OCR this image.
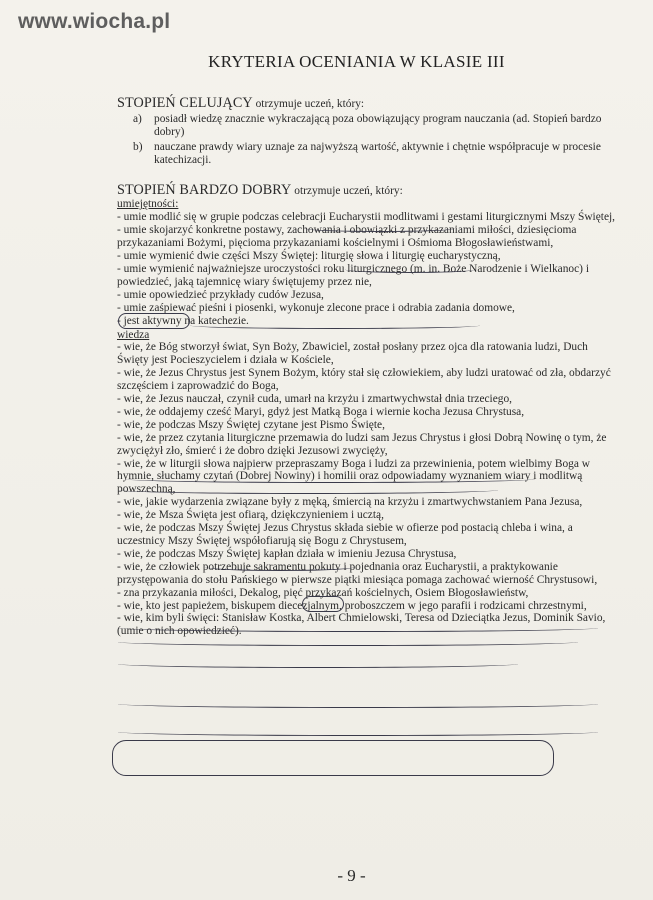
www.wiocha.pl
KRYTERIA OCENIANIA W KLASIE III
STOPIEŃ CELUJĄCY otrzymuje uczeń, który:
a)	posiadł wiedzę znacznie wykraczającą poza obowiązujący program nauczania (ad. Stopień bardzo dobry)
b)	nauczane prawdy wiary uznaje za najwyższą wartość, aktywnie i chętnie współpracuje w procesie katechizacji.
STOPIEŃ BARDZO DOBRY otrzymuje uczeń, który:
umiejętności:
- umie modlić się w grupie podczas celebracji Eucharystii modlitwami i gestami liturgicznymi Mszy Świętej,
- umie skojarzyć konkretne postawy, zachowania i obowiązki z przykazaniami miłości, dziesięcioma przykazaniami Bożymi, pięcioma przykazaniami kościelnymi i Ośmioma Błogosławieństwami,
- umie wymienić dwie części Mszy Świętej: liturgię słowa i liturgię eucharystyczną,
- umie wymienić najważniejsze uroczystości roku liturgicznego (m. in. Boże Narodzenie i Wielkanoc) i powiedzieć, jaką tajemnicę wiary świętujemy przez nie,
- umie opowiedzieć przykłady cudów Jezusa,
- umie zaśpiewać pieśni i piosenki, wykonuje zlecone prace i odrabia zadania domowe,
- jest aktywny na katechezie.
wiedza
- wie, że Bóg stworzył świat, Syn Boży, Zbawiciel, został posłany przez ojca dla ratowania ludzi, Duch Święty jest Pocieszycielem i działa w Kościele,
- wie, że Jezus Chrystus jest Synem Bożym, który stał się człowiekiem, aby ludzi uratować od zła, obdarzyć szczęściem i zaprowadzić do Boga,
- wie, że Jezus nauczał, czynił cuda, umarł na krzyżu i zmartwychwstał dnia trzeciego,
- wie, że oddajemy cześć Maryi, gdyż jest Matką Boga i wiernie kocha Jezusa Chrystusa,
- wie, że podczas Mszy Świętej czytane jest Pismo Święte,
- wie, że przez czytania liturgiczne przemawia do ludzi sam Jezus Chrystus i głosi Dobrą Nowinę o tym, że zwyciężył zło, śmierć i że dobro dzięki Jezusowi zwycięży,
- wie, że w liturgii słowa najpierw przepraszamy Boga i ludzi za przewinienia, potem wielbimy Boga w hymnie, słuchamy czytań (Dobrej Nowiny) i homilii oraz odpowiadamy wyznaniem wiary i modlitwą powszechną,
- wie, jakie wydarzenia związane były z męką, śmiercią na krzyżu i zmartwychwstaniem Pana Jezusa,
- wie, że Msza Święta jest ofiarą, dziękczynieniem i ucztą,
- wie, że podczas Mszy Świętej Jezus Chrystus składa siebie w ofierze pod postacią chleba i wina, a uczestnicy Mszy Świętej współofiarują się Bogu z Chrystusem,
- wie, że podczas Mszy Świętej kapłan działa w imieniu Jezusa Chrystusa,
- wie, że człowiek potrzebuje sakramentu pokuty i pojednania oraz Eucharystii, a praktykowanie przystępowania do stołu Pańskiego w pierwsze piątki miesiąca pomaga zachować wierność Chrystusowi,
- zna przykazania miłości, Dekalog, pięć przykazań kościelnych, Osiem Błogosławieństw,
- wie, kto jest papieżem, biskupem diecezjalnym, proboszczem w jego parafii i rodzicami chrzestnymi,
- wie, kim byli święci: Stanisław Kostka, Albert Chmielowski, Teresa od Dzieciątka Jezus, Dominik Savio, (umie o nich opowiedzieć).
- 9 -
